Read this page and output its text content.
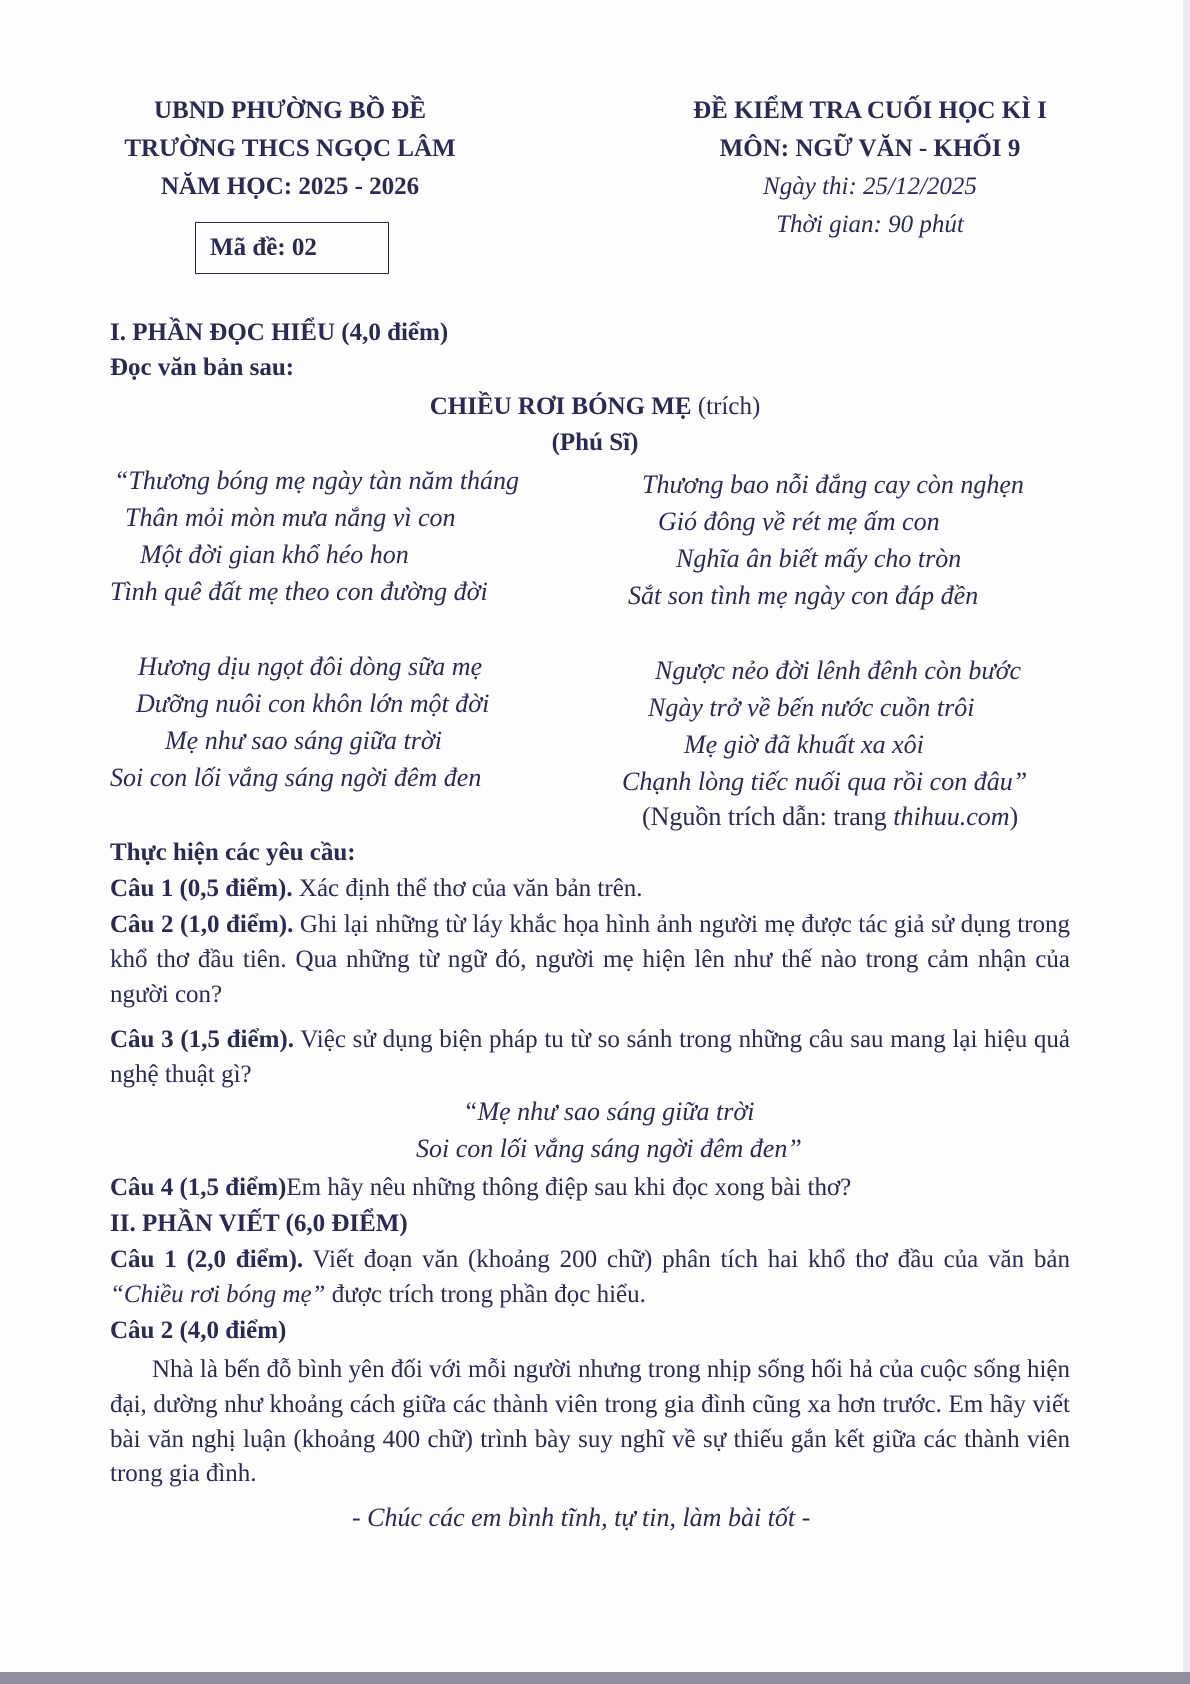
UBND PHƯỜNG BỒ ĐỀ
TRƯỜNG THCS NGỌC LÂM
NĂM HỌC: 2025 - 2026
Mã đề: 02
ĐỀ KIỂM TRA CUỐI HỌC KÌ I
MÔN: NGỮ VĂN - KHỐI 9
Ngày thi: 25/12/2025
Thời gian: 90 phút
I. PHẦN ĐỌC HIỂU (4,0 điểm)
Đọc văn bản sau:
CHIỀU RƠI BÓNG MẸ (trích)
(Phú Sĩ)
“Thương bóng mẹ ngày tàn năm tháng
Thân mỏi mòn mưa nắng vì con
Một đời gian khổ héo hon
Tình quê đất mẹ theo con đường đời
Hương dịu ngọt đôi dòng sữa mẹ
Dưỡng nuôi con khôn lớn một đời
Mẹ như sao sáng giữa trời
Soi con lối vắng sáng ngời đêm đen
Thương bao nỗi đắng cay còn nghẹn
Gió đông về rét mẹ ấm con
Nghĩa ân biết mấy cho tròn
Sắt son tình mẹ ngày con đáp đền
Ngược nẻo đời lênh đênh còn bước
Ngày trở về bến nước cuồn trôi
Mẹ giờ đã khuất xa xôi
Chạnh lòng tiếc nuối qua rồi con đâu”
(Nguồn trích dẫn: trang thihuu.com)
Thực hiện các yêu cầu:
Câu 1 (0,5 điểm). Xác định thể thơ của văn bản trên.
Câu 2 (1,0 điểm). Ghi lại những từ láy khắc họa hình ảnh người mẹ được tác giả sử dụng trong khổ thơ đầu tiên. Qua những từ ngữ đó, người mẹ hiện lên như thế nào trong cảm nhận của người con?
Câu 3 (1,5 điểm). Việc sử dụng biện pháp tu từ so sánh trong những câu sau mang lại hiệu quả nghệ thuật gì?
“Mẹ như sao sáng giữa trời
Soi con lối vắng sáng ngời đêm đen”
Câu 4 (1,5 điểm)Em hãy nêu những thông điệp sau khi đọc xong bài thơ?
II. PHẦN VIẾT (6,0 ĐIỂM)
Câu 1 (2,0 điểm). Viết đoạn văn (khoảng 200 chữ) phân tích hai khổ thơ đầu của văn bản “Chiều rơi bóng mẹ” được trích trong phần đọc hiểu.
Câu 2 (4,0 điểm)
Nhà là bến đỗ bình yên đối với mỗi người nhưng trong nhịp sống hối hả của cuộc sống hiện đại, dường như khoảng cách giữa các thành viên trong gia đình cũng xa hơn trước. Em hãy viết bài văn nghị luận (khoảng 400 chữ) trình bày suy nghĩ về sự thiếu gắn kết giữa các thành viên trong gia đình.
- Chúc các em bình tĩnh, tự tin, làm bài tốt -
